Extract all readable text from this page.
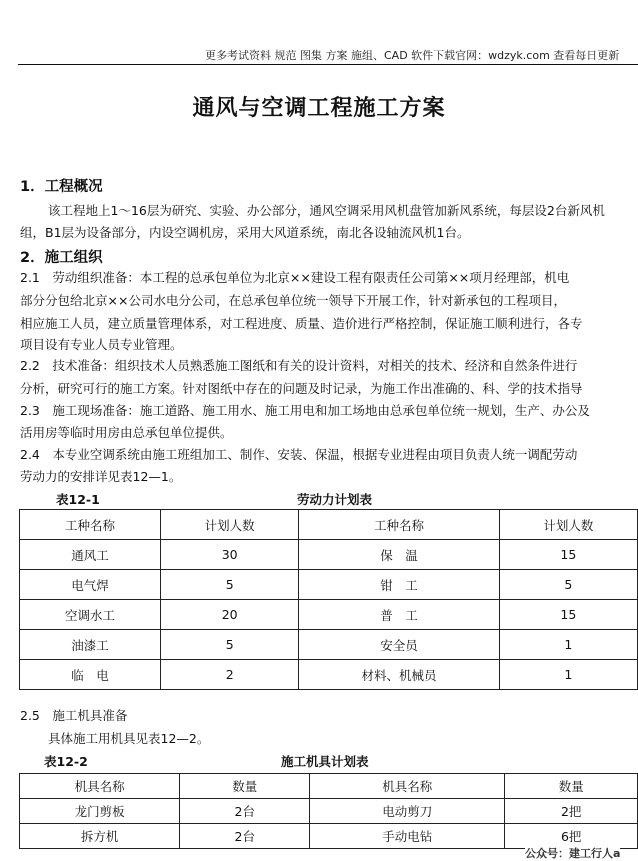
更多考试资料 规范 图集 方案 施组、CAD 软件下载官网：wdzyk.com 查看每日更新
通风与空调工程施工方案
1．工程概况
该工程地上1～16层为研究、实验、办公部分，通风空调采用风机盘管加新风系统，每层设2台新风机
组，B1层为设备部分，内设空调机房，采用大风道系统，南北各设轴流风机1台。
2．施工组织
2.1　劳动组织准备：本工程的总承包单位为北京××建设工程有限责任公司第××项月经理部，机电
部分分包给北京××公司水电分公司，在总承包单位统一领导下开展工作，针对新承包的工程项目，
相应施工人员，建立质量管理体系，对工程进度、质量、造价进行严格控制，保证施工顺利进行，各专
项目设有专业人员专业管理。
2.2　技术准备：组织技术人员熟悉施工图纸和有关的设计资料，对相关的技术、经济和自然条件进行
分析，研究可行的施工方案。针对图纸中存在的问题及时记录，为施工作出准确的、科、学的技术指导
2.3　施工现场准备：施工道路、施工用水、施工用电和加工场地由总承包单位统一规划，生产、办公及
活用房等临时用房由总承包单位提供。
2.4　本专业空调系统由施工班组加工、制作、安装、保温，根据专业进程由项目负责人统一调配劳动
劳动力的安排详见表12—1。
表12-1	劳动力计划表
工种名称	计划人数	工种名称	计划人数
通风工	30	保　温	15
电气焊	5	钳　工	5
空调水工	20	普　工	15
油漆工	5	安全员	1
临　电	2	材料、机械员	1
2.5　施工机具准备
具体施工用机具见表12—2。
表12-2	施工机具计划表
机具名称	数量	机具名称	数量
龙门剪板	2台	电动剪刀	2把
拆方机	2台	手动电钻	6把
公众号：建工行人a
